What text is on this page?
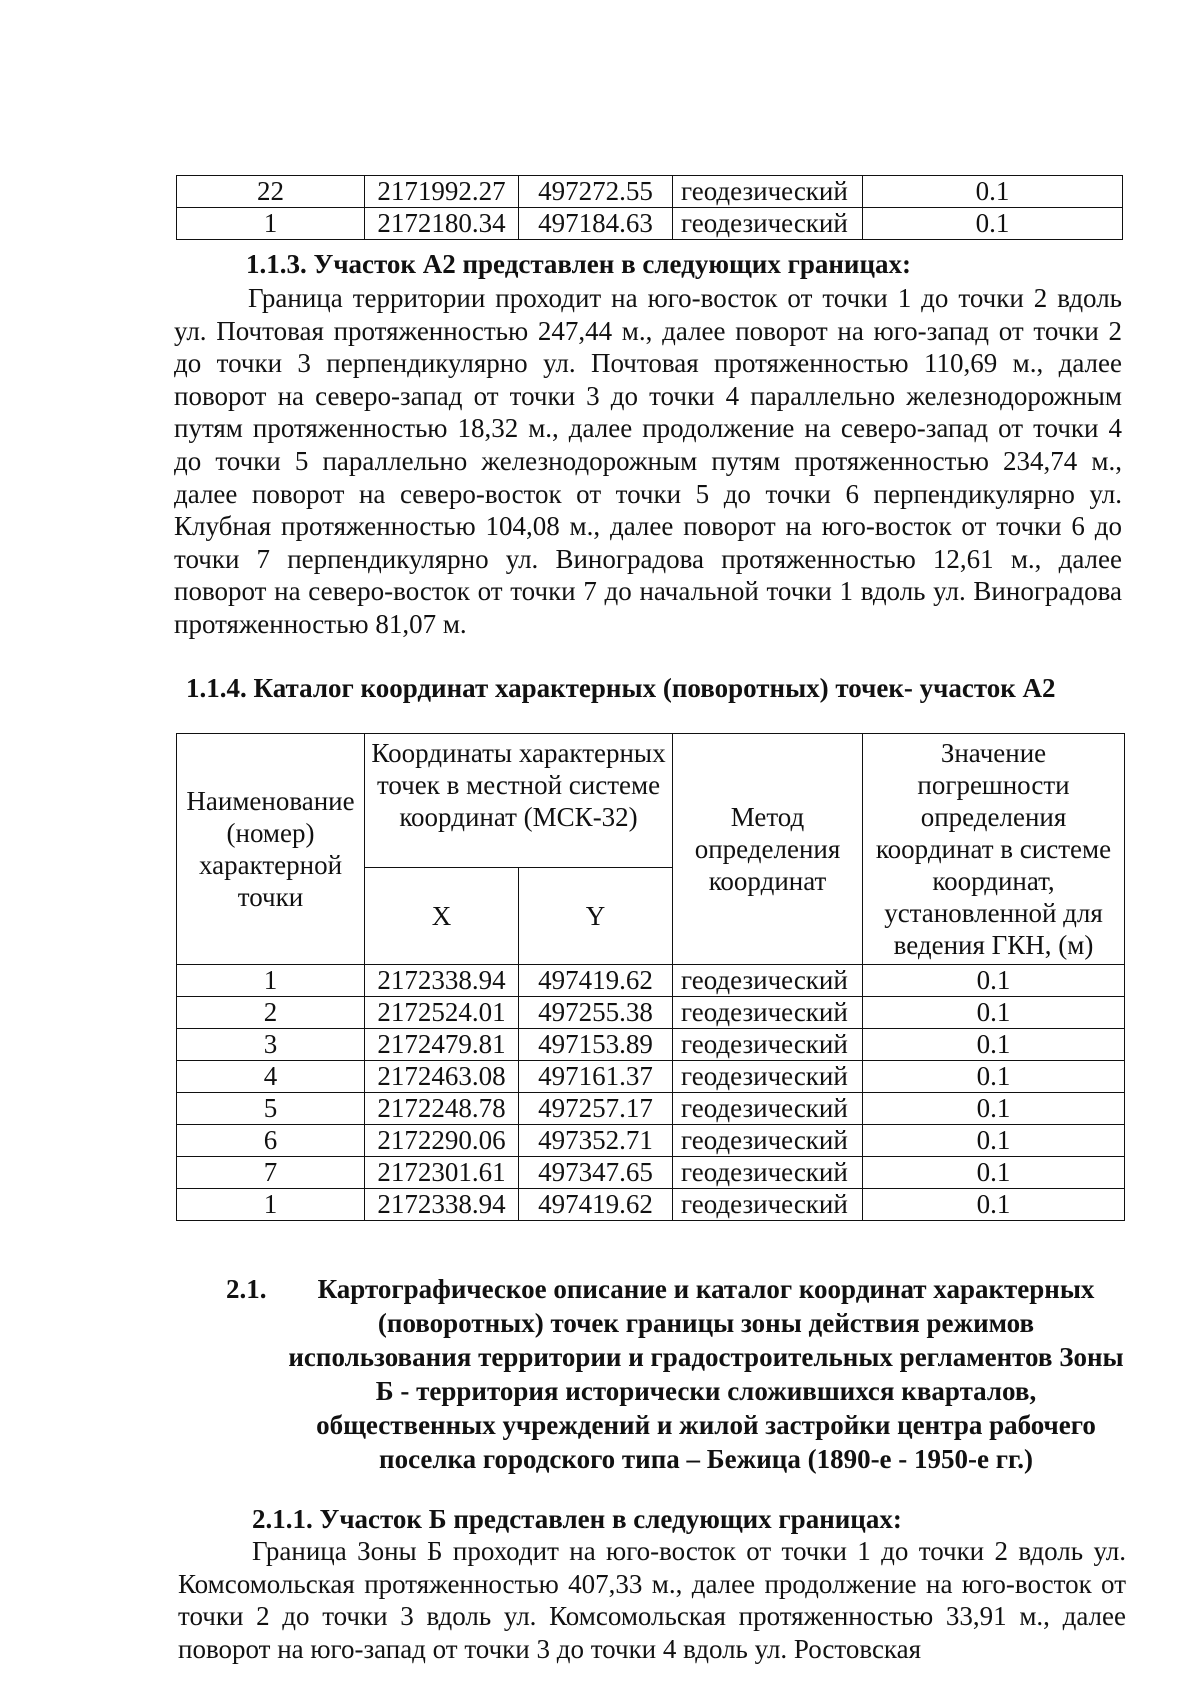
22	2171992.27	497272.55	геодезический	0.1
1	2172180.34	497184.63	геодезический	0.1
1.1.3. Участок А2 представлен в следующих границах:

Граница территории проходит на юго-восток от точки 1 до точки 2 вдоль ул. Почтовая протяженностью 247,44 м., далее поворот на юго-запад от точки 2 до точки 3 перпендикулярно ул. Почтовая протяженностью 110,69 м., далее поворот на северо-запад от точки 3 до точки 4 параллельно железнодорожным путям протяженностью 18,32 м., далее продолжение на северо-запад от точки 4 до точки 5 параллельно железнодорожным путям протяженностью 234,74 м., далее поворот на северо-восток от точки 5 до точки 6 перпендикулярно ул. Клубная протяженностью 104,08 м., далее поворот на юго-восток от точки 6 до точки 7 перпендикулярно ул. Виноградова протяженностью 12,61 м., далее поворот на северо-восток от точки 7 до начальной точки 1 вдоль ул. Виноградова протяженностью 81,07 м.

1.1.4. Каталог координат характерных (поворотных) точек- участок А2
Наименование (номер) характерной точки	Координаты характерных точек в местной системе координат (МСК-32)		Метод определения координат	Значение погрешности определения координат в системе координат, установленной для ведения ГКН, (м)
	X	Y		
1	2172338.94	497419.62	геодезический	0.1
2	2172524.01	497255.38	геодезический	0.1
3	2172479.81	497153.89	геодезический	0.1
4	2172463.08	497161.37	геодезический	0.1
5	2172248.78	497257.17	геодезический	0.1
6	2172290.06	497352.71	геодезический	0.1
7	2172301.61	497347.65	геодезический	0.1
1	2172338.94	497419.62	геодезический	0.1
2.1.	Картографическое описание и каталог координат характерных (поворотных) точек границы зоны действия режимов использования территории и градостроительных регламентов Зоны Б - территория исторически сложившихся кварталов, общественных учреждений и жилой застройки центра рабочего поселка городского типа – Бежица (1890-е - 1950-е гг.)
2.1.1. Участок Б представлен в следующих границах:

Граница Зоны Б проходит на юго-восток от точки 1 до точки 2 вдоль ул. Комсомольская протяженностью 407,33 м., далее продолжение на юго-восток от точки 2 до точки 3 вдоль ул. Комсомольская протяженностью 33,91 м., далее поворот на юго-запад от точки 3 до точки 4 вдоль ул. Ростовская
